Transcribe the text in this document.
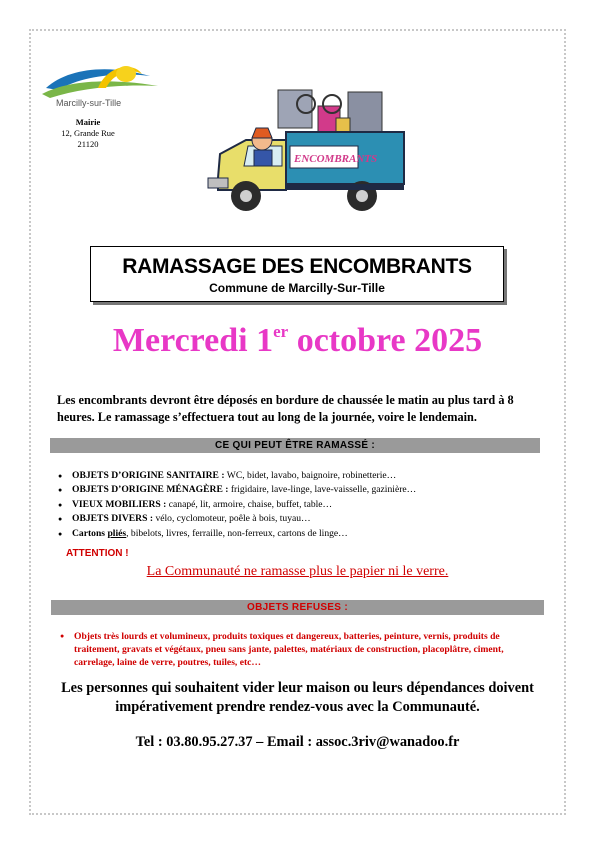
Marcilly-sur-Tille
Mairie
12, Grande Rue
21120
ENCOMBRANTS
RAMASSAGE DES ENCOMBRANTS
Commune de Marcilly-Sur-Tille
Mercredi 1er octobre 2025
Les encombrants devront être déposés en bordure de chaussée le matin au plus tard à 8 heures. Le ramassage s’effectuera tout au long de la journée, voire le lendemain.
CE QUI PEUT ÊTRE RAMASSÉ :
● OBJETS D’ORIGINE SANITAIRE : WC, bidet, lavabo, baignoire, robinetterie…
● OBJETS D’ORIGINE MÉNAGÈRE : frigidaire, lave-linge, lave-vaisselle, gazinière…
● VIEUX MOBILIERS : canapé, lit, armoire, chaise, buffet, table…
● OBJETS DIVERS : vélo, cyclomoteur, poêle à bois, tuyau…
● Cartons pliés, bibelots, livres, ferraille, non-ferreux, cartons de linge…
ATTENTION !
La Communauté ne ramasse plus le papier ni le verre.
OBJETS REFUSES :
● Objets très lourds et volumineux, produits toxiques et dangereux, batteries, peinture, vernis, produits de traitement, gravats et végétaux, pneu sans jante, palettes, matériaux de construction, placoplâtre, ciment, carrelage, laine de verre, poutres, tuiles, etc…
Les personnes qui souhaitent vider leur maison ou leurs dépendances doivent impérativement prendre rendez-vous avec la Communauté.
Tel : 03.80.95.27.37 – Email : assoc.3riv@wanadoo.fr
